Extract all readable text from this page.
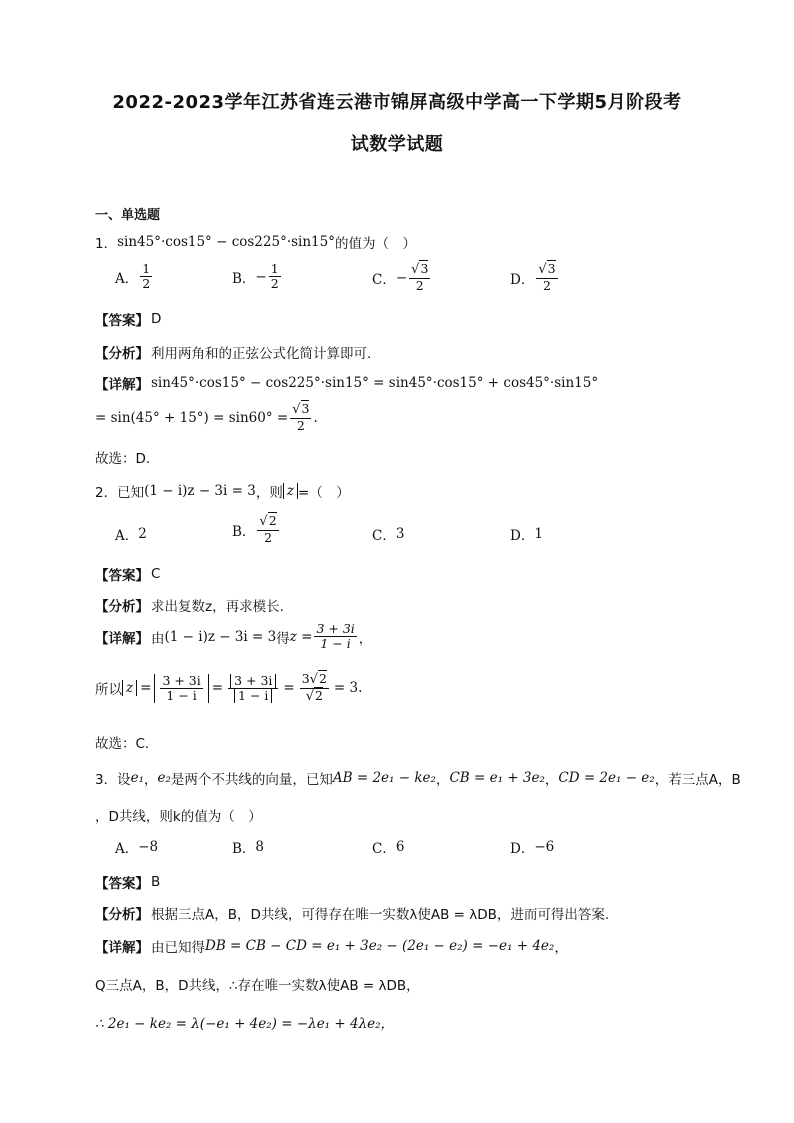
2022-2023学年江苏省连云港市锦屏高级中学高一下学期5月阶段考
试数学试题
一、单选题
1． sin45°·cos15° − cos225°·sin15° 的值为（　）
A． $\frac{1}{2}$	B． − $\frac{1}{2}$	C． − $\frac{√3}{2}$	D． $\frac{√3}{2}$
【答案】 D
【分析】 利用两角和的正弦公式化简计算即可.
【详解】 sin45°·cos15° − cos225°·sin15° = sin45°·cos15° + cos45°·sin15°
= $\sin(45^\circ + 15^\circ) = \sin 60^\circ = \frac{√3}{2}$ .
故选：D.
2．已知 (1 − i)z − 3i = 3 ，则 z =（　）
A． 2	B． $\frac{√2}{2}$	C． 3	D． 1
【答案】 C
【分析】 求出复数z，再求模长.
【详解】 由 (1 − i)z − 3i = 3 得 $z = \frac{3 + 3i}{1 - i}$ ，
所以 $z = \frac{3 + 3i}{1 - i} = \frac{3 + 3i}{1 - i} = \frac{3√2}{√2} = 3$.
故选：C.
3．设 e₁ ， e₂ 是两个不共线的向量，已知 AB = 2e₁ − ke₂ ， CB = e₁ + 3e₂ ， CD = 2e₁ − e₂ ，若三点A，B
，D共线，则k的值为（　）
A． −8	B． 8	C． 6	D． −6
【答案】 B
【分析】 根据三点A，B，D共线，可得存在唯一实数λ使AB = λDB，进而可得出答案.
【详解】 由已知得 DB = CB − CD = e₁ + 3e₂ − (2e₁ − e₂) = −e₁ + 4e₂ ，
Q三点A，B，D共线，∴存在唯一实数λ使AB = λDB，
∴ 2e₁ − ke₂ = λ(−e₁ + 4e₂) = −λe₁ + 4λe₂，
